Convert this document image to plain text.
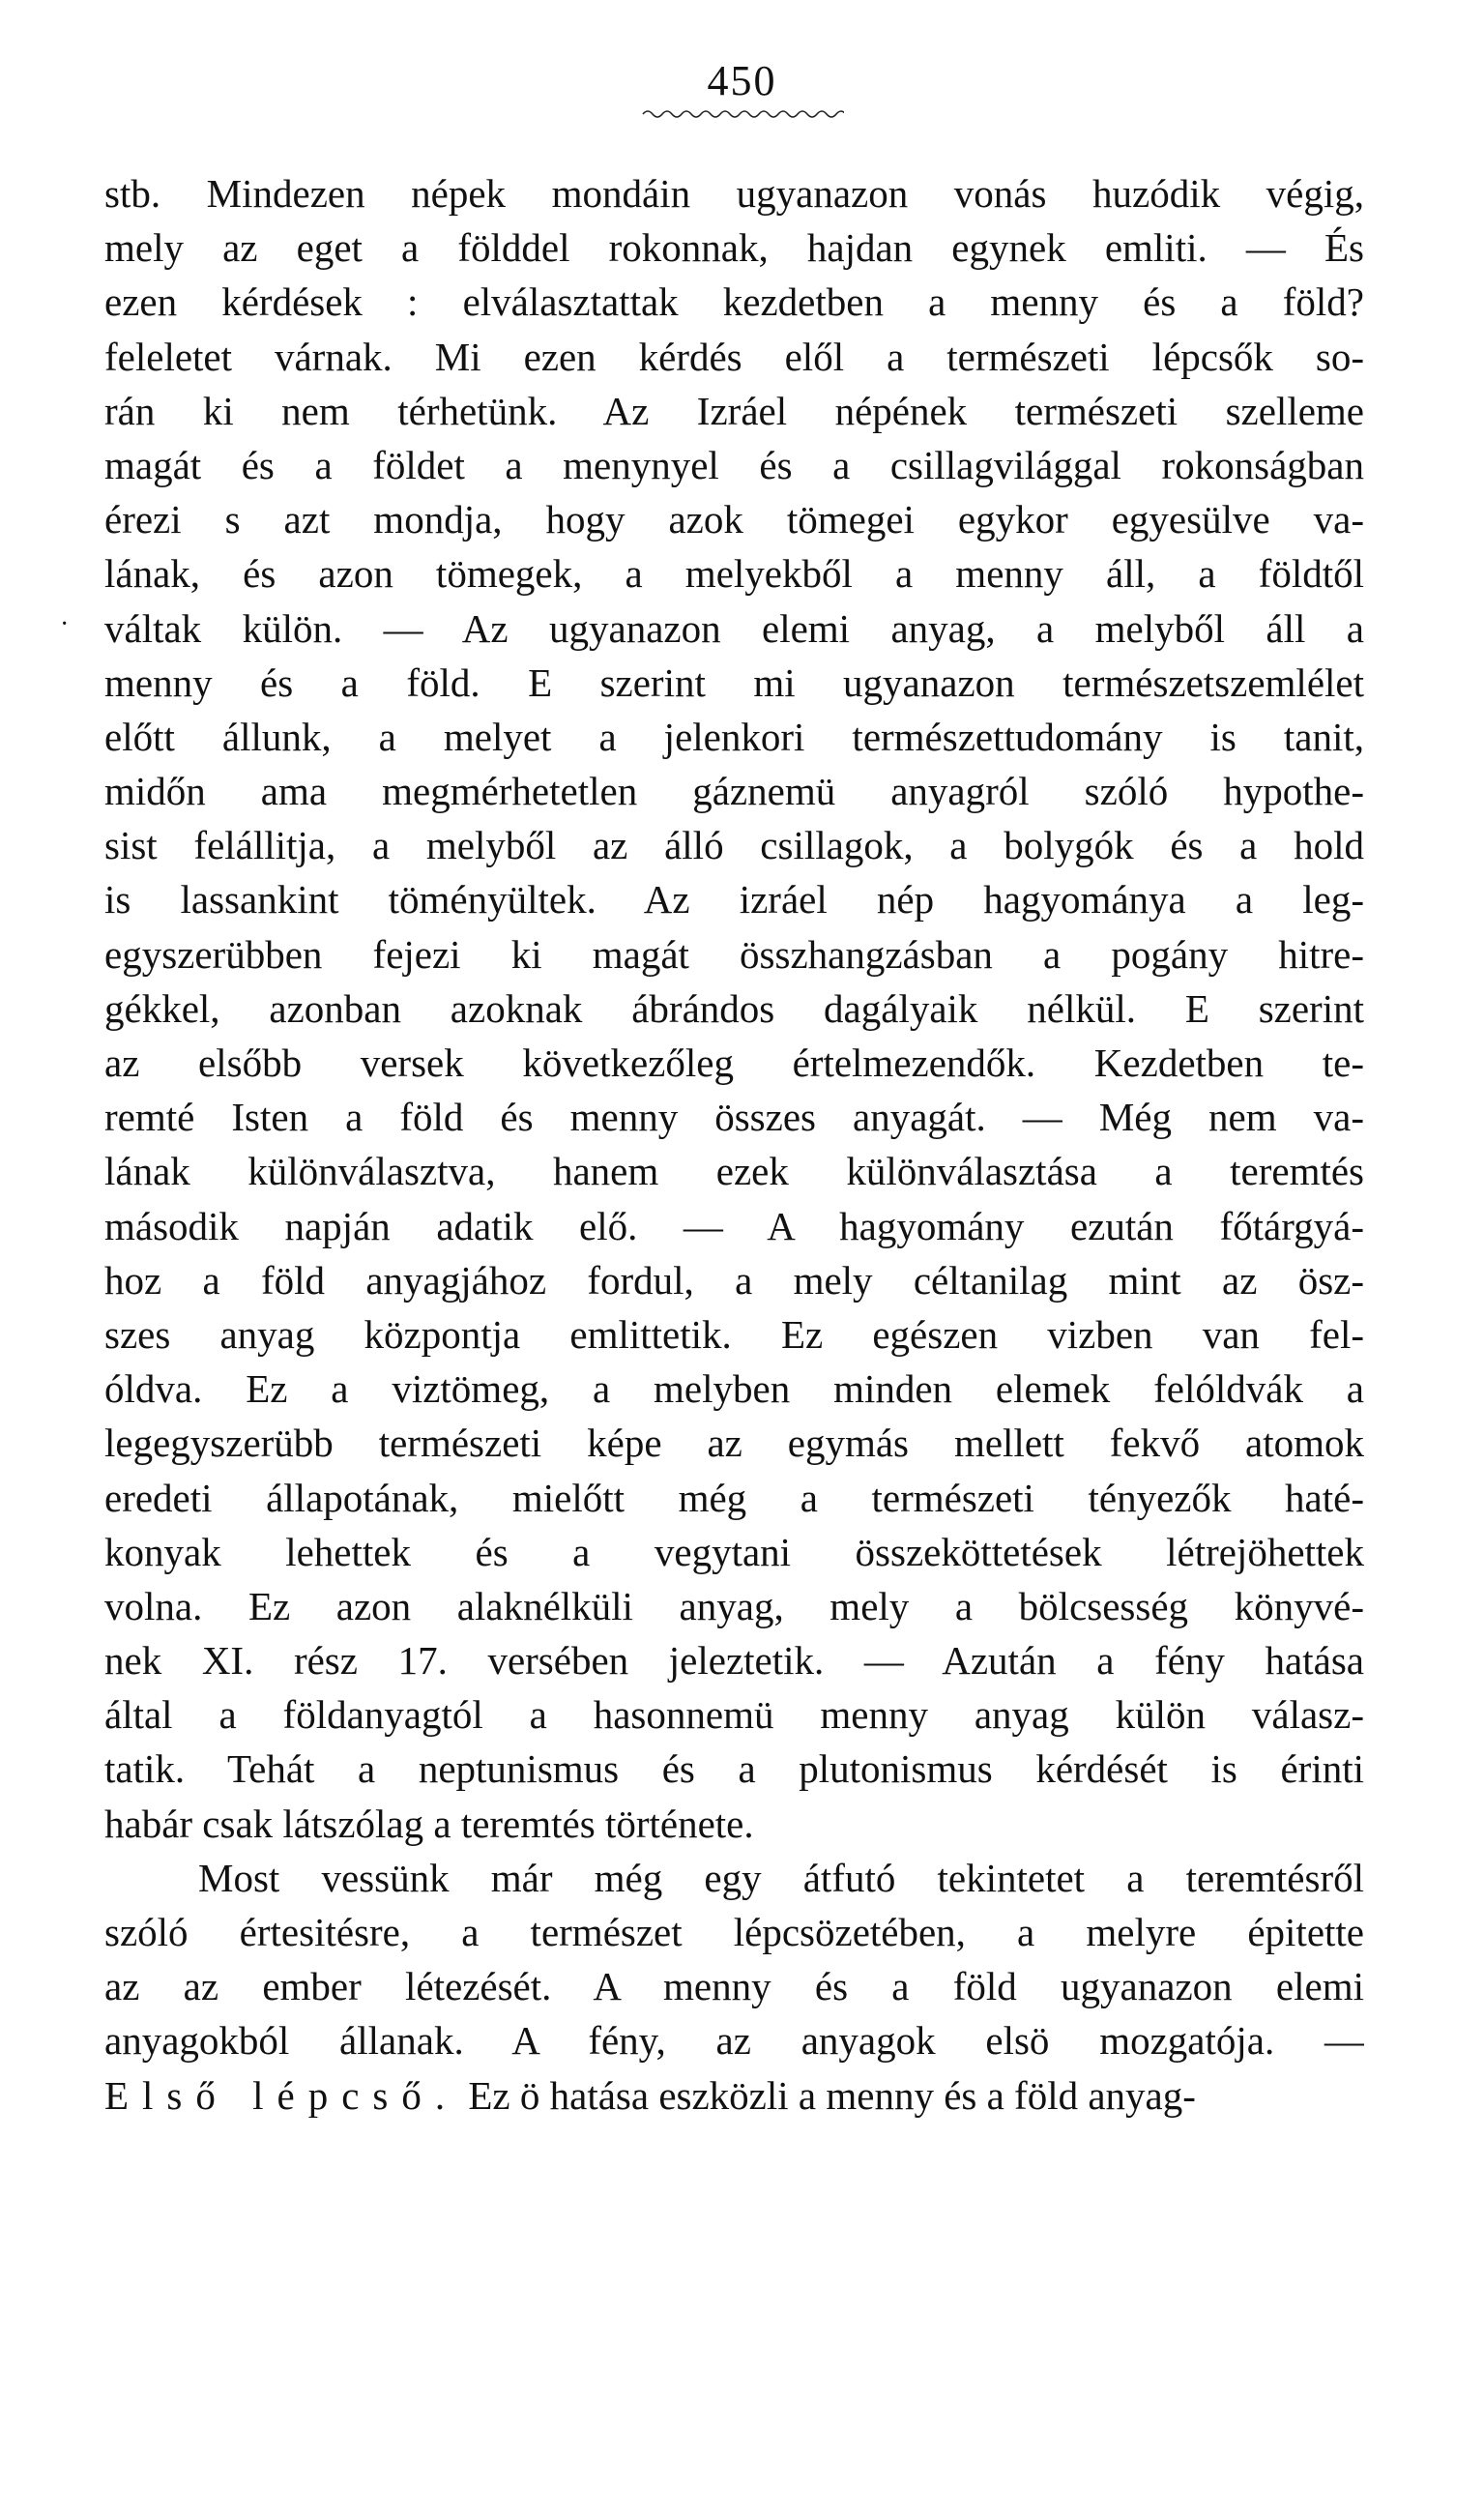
450
·
stb. Mindezen népek mondáin ugyanazon vonás huzódik végig,
mely az eget a földdel rokonnak, hajdan egynek emliti. — És
ezen kérdések : elválasztattak kezdetben a menny és a föld?
feleletet várnak. Mi ezen kérdés elől a természeti lépcsők so-
rán ki nem térhetünk. Az Izráel népének természeti szelleme
magát és a földet a menynyel és a csillagvilággal rokonságban
érezi s azt mondja, hogy azok tömegei egykor egyesülve va-
lának, és azon tömegek, a melyekből a menny áll, a földtől
váltak külön. — Az ugyanazon elemi anyag, a melyből áll a
menny és a föld. E szerint mi ugyanazon természetszemlélet
előtt állunk, a melyet a jelenkori természettudomány is tanit,
midőn ama megmérhetetlen gáznemü anyagról szóló hypothe-
sist felállitja, a melyből az álló csillagok, a bolygók és a hold
is lassankint töményültek. Az izráel nép hagyománya a leg-
egyszerübben fejezi ki magát összhangzásban a pogány hitre-
gékkel, azonban azoknak ábrándos dagályaik nélkül. E szerint
az elsőbb versek következőleg értelmezendők. Kezdetben te-
remté Isten a föld és menny összes anyagát. — Még nem va-
lának különválasztva, hanem ezek különválasztása a teremtés
második napján adatik elő. — A hagyomány ezután főtárgyá-
hoz a föld anyagjához fordul, a mely céltanilag mint az ösz-
szes anyag központja emlittetik. Ez egészen vizben van fel-
óldva. Ez a viztömeg, a melyben minden elemek felóldvák a
legegyszerübb természeti képe az egymás mellett fekvő atomok
eredeti állapotának, mielőtt még a természeti tényezők haté-
konyak lehettek és a vegytani összeköttetések létrejöhettek
volna. Ez azon alaknélküli anyag, mely a bölcsesség könyvé-
nek XI. rész 17. versében jeleztetik. — Azután a fény hatása
által a földanyagtól a hasonnemü menny anyag külön válasz-
tatik. Tehát a neptunismus és a plutonismus kérdését is érinti
habár csak látszólag a teremtés története.
Most vessünk már még egy átfutó tekintetet a teremtésről
szóló értesitésre, a természet lépcsözetében, a melyre épitette
az az ember létezését. A menny és a föld ugyanazon elemi
anyagokból állanak. A fény, az anyagok elsö mozgatója. —
Első lépcső. Ez ö hatása eszközli a menny és a föld anyag-
